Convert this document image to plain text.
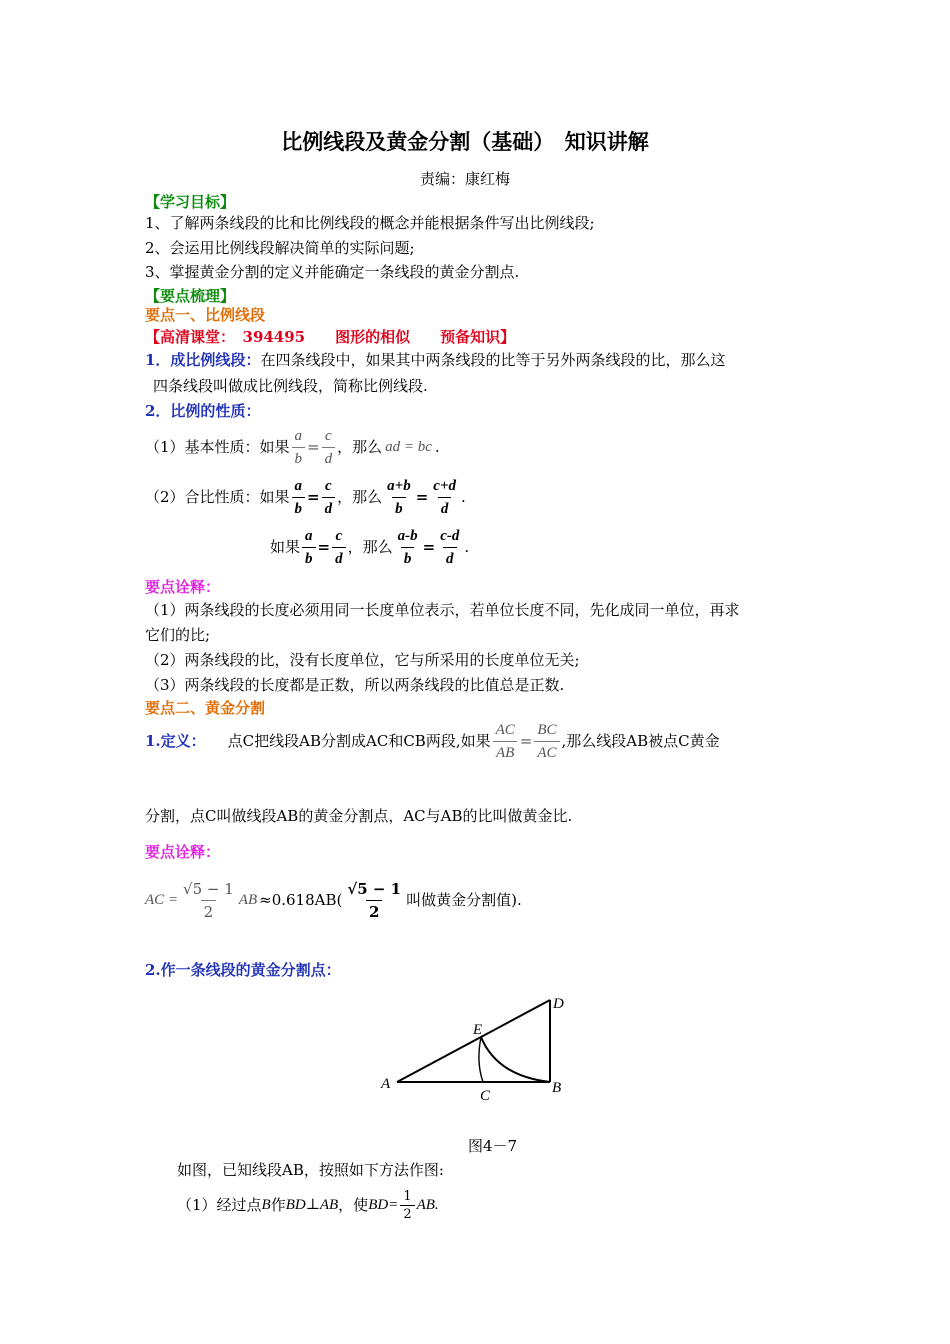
比例线段及黄金分割（基础）　知识讲解
责编：康红梅
【学习目标】
1、了解两条线段的比和比例线段的概念并能根据条件写出比例线段;
2、会运用比例线段解决简单的实际问题;
3、掌握黄金分割的定义并能确定一条线段的黄金分割点.
【要点梳理】
要点一、比例线段
【高清课堂：　394495　　图形的相似　　预备知识】
1．成比例线段：在四条线段中，如果其中两条线段的比等于另外两条线段的比，那么这
四条线段叫做成比例线段，简称比例线段.
2．比例的性质：
（1）基本性质：如果 $\frac{a}{b} = \frac{c}{d}$ ，那么 ad = bc .
（2）合比性质：如果 $\frac{a}{b} = \frac{c}{d}$ ，那么 $\frac{a+b}{b} = \frac{c+d}{d}$ .
如果 $\frac{a}{b} = \frac{c}{d}$ ，那么 $\frac{a-b}{b} = \frac{c-d}{d}$ .
要点诠释：
（1）两条线段的长度必须用同一长度单位表示，若单位长度不同，先化成同一单位，再求
它们的比;
（2）两条线段的比，没有长度单位，它与所采用的长度单位无关;
（3）两条线段的长度都是正数，所以两条线段的比值总是正数.
要点二、黄金分割
1.定义： 点C把线段AB分割成AC和CB两段,如果 $\frac{AC}{AB} = \frac{BC}{AC}$ ,那么线段AB被点C黄金
分割，点C叫做线段AB的黄金分割点，AC与AB的比叫做黄金比.
要点诠释：
AC = $\frac{√5 - 1}{2}$ AB $\approx 0.618AB( \frac{√5 - 1}{2}$ 叫做黄金分割值).
2.作一条线段的黄金分割点：
A	B
C
D
E
图4－7
如图，已知线段AB，按照如下方法作图:
（1）经过点 B 作 BD⊥AB ，使 $BD= \frac{1}{2}$ AB.
